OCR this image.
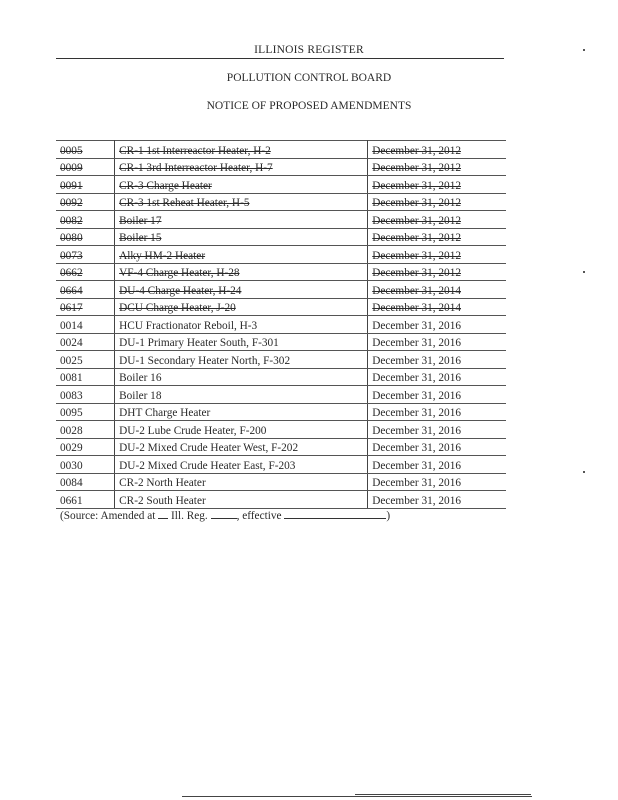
ILLINOIS REGISTER
POLLUTION CONTROL BOARD
NOTICE OF PROPOSED AMENDMENTS
0005	CR-1 1st Interreactor Heater, H-2	December 31, 2012
0009	CR-1 3rd Interreactor Heater, H-7	December 31, 2012
0091	CR-3 Charge Heater	December 31, 2012
0092	CR-3 1st Reheat Heater, H-5	December 31, 2012
0082	Boiler 17	December 31, 2012
0080	Boiler 15	December 31, 2012
0073	Alky HM-2 Heater	December 31, 2012
0662	VF-4 Charge Heater, H-28	December 31, 2012
0664	DU-4 Charge Heater, H-24	December 31, 2014
0617	DCU Charge Heater, J-20	December 31, 2014
0014	HCU Fractionator Reboil, H-3	December 31, 2016
0024	DU-1 Primary Heater South, F-301	December 31, 2016
0025	DU-1 Secondary Heater North, F-302	December 31, 2016
0081	Boiler 16	December 31, 2016
0083	Boiler 18	December 31, 2016
0095	DHT Charge Heater	December 31, 2016
0028	DU-2 Lube Crude Heater, F-200	December 31, 2016
0029	DU-2 Mixed Crude Heater West, F-202	December 31, 2016
0030	DU-2 Mixed Crude Heater East, F-203	December 31, 2016
0084	CR-2 North Heater	December 31, 2016
0661	CR-2 South Heater	December 31, 2016
(Source: Amended at Ill. Reg.	, effective	)
